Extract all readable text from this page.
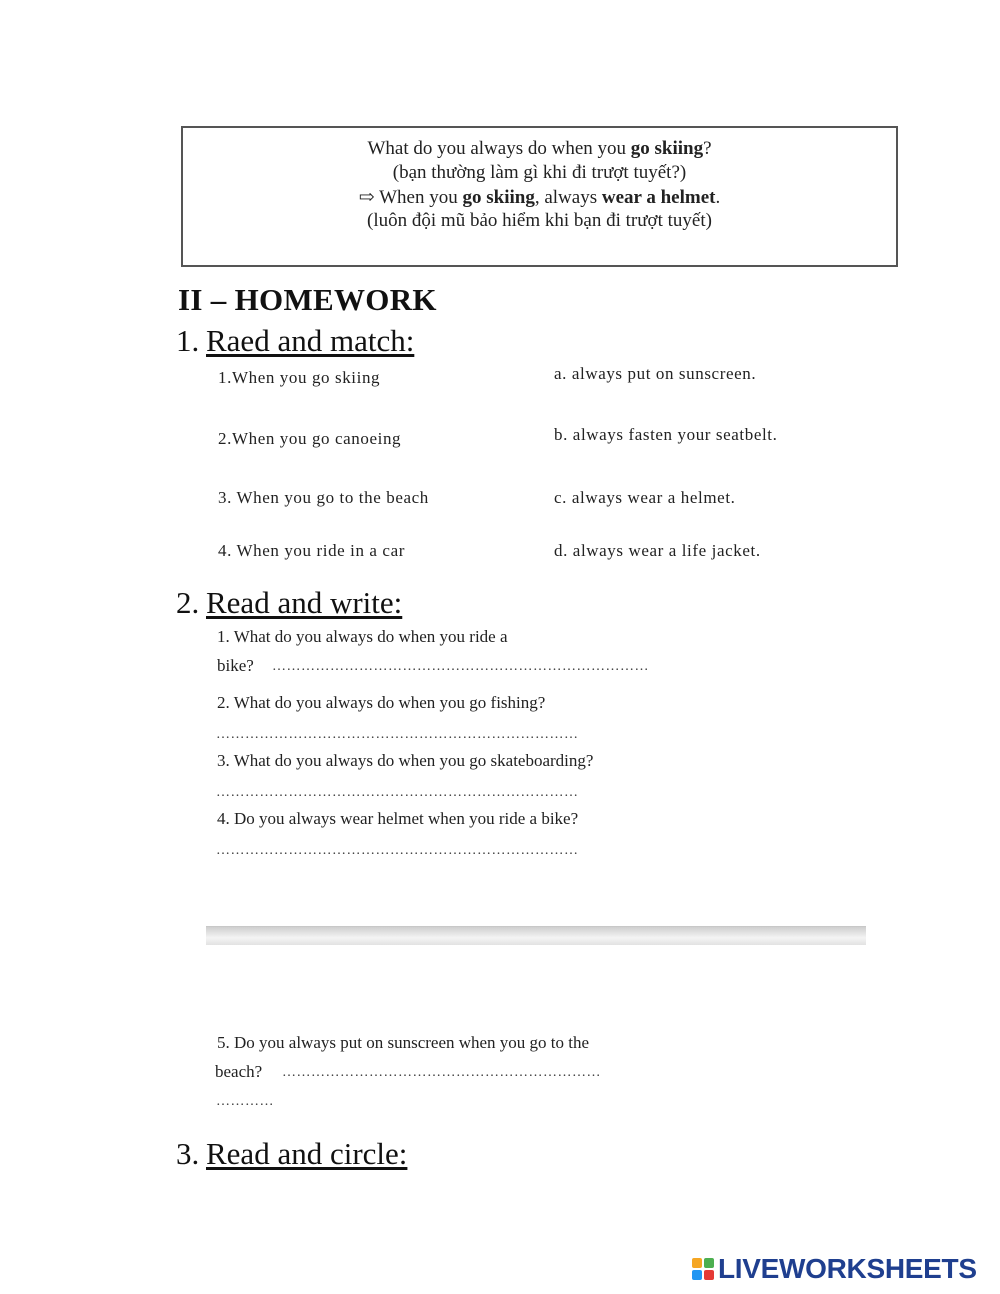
What do you always do when you go skiing?
(bạn thường làm gì khi đi trượt tuyết?)
⇨ When you go skiing, always wear a helmet.
(luôn đội mũ bảo hiểm khi bạn đi trượt tuyết)
II – HOMEWORK
1. Raed and match:
1.When you go skiing
2.When you go canoeing
3. When you go to the beach
4. When you ride in a car
a. always put on sunscreen.
b. always fasten your seatbelt.
c. always wear a helmet.
d. always wear a life jacket.
2. Read and write:
1. What do you always do when you ride a
bike? ……………………………………………………………………
2. What do you always do when you go fishing?
…………………………………………………………………
3. What do you always do when you go skateboarding?
…………………………………………………………………
4. Do you always wear helmet when you ride a bike?
…………………………………………………………………
5. Do you always put on sunscreen when you go to the
beach? …………………………………………………………
…………
3. Read and circle:
LIVEWORKSHEETS
